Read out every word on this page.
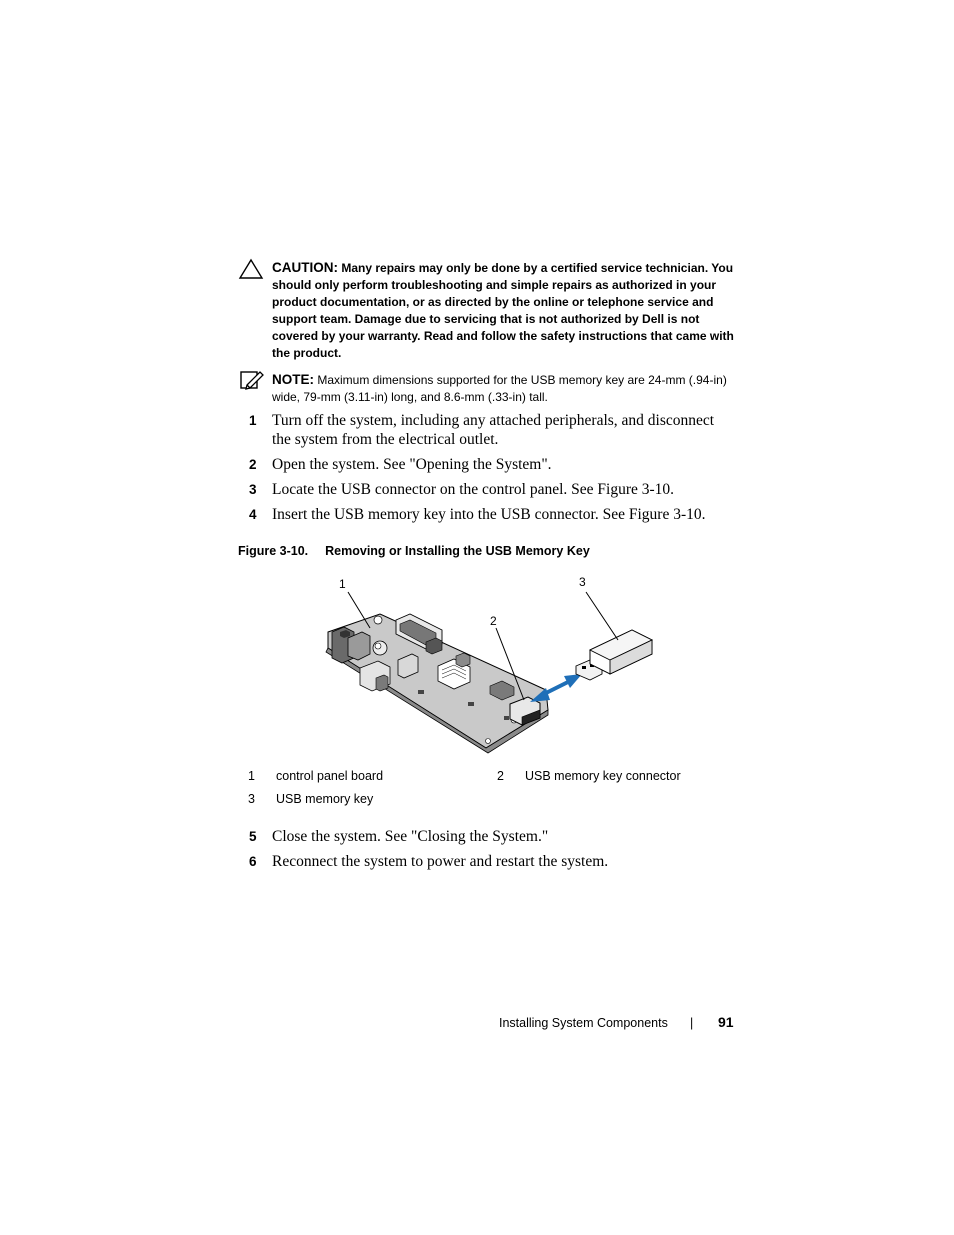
CAUTION: Many repairs may only be done by a certified service technician. You should only perform troubleshooting and simple repairs as authorized in your product documentation, or as directed by the online or telephone service and support team. Damage due to servicing that is not authorized by Dell is not covered by your warranty. Read and follow the safety instructions that came with the product.
NOTE: Maximum dimensions supported for the USB memory key are 24-mm (.94-in) wide, 79-mm (3.11-in) long, and 8.6-mm (.33-in) tall.
1 Turn off the system, including any attached peripherals, and disconnect
the system from the electrical outlet.
2 Open the system. See "Opening the System".
3 Locate the USB connector on the control panel. See Figure 3-10.
4 Insert the USB memory key into the USB connector. See Figure 3-10.
Figure 3-10. Removing or Installing the USB Memory Key
1
2
3
1 control panel board	2 USB memory key connector
3 USB memory key
5 Close the system. See "Closing the System."
6 Reconnect the system to power and restart the system.
Installing System Components | 91
